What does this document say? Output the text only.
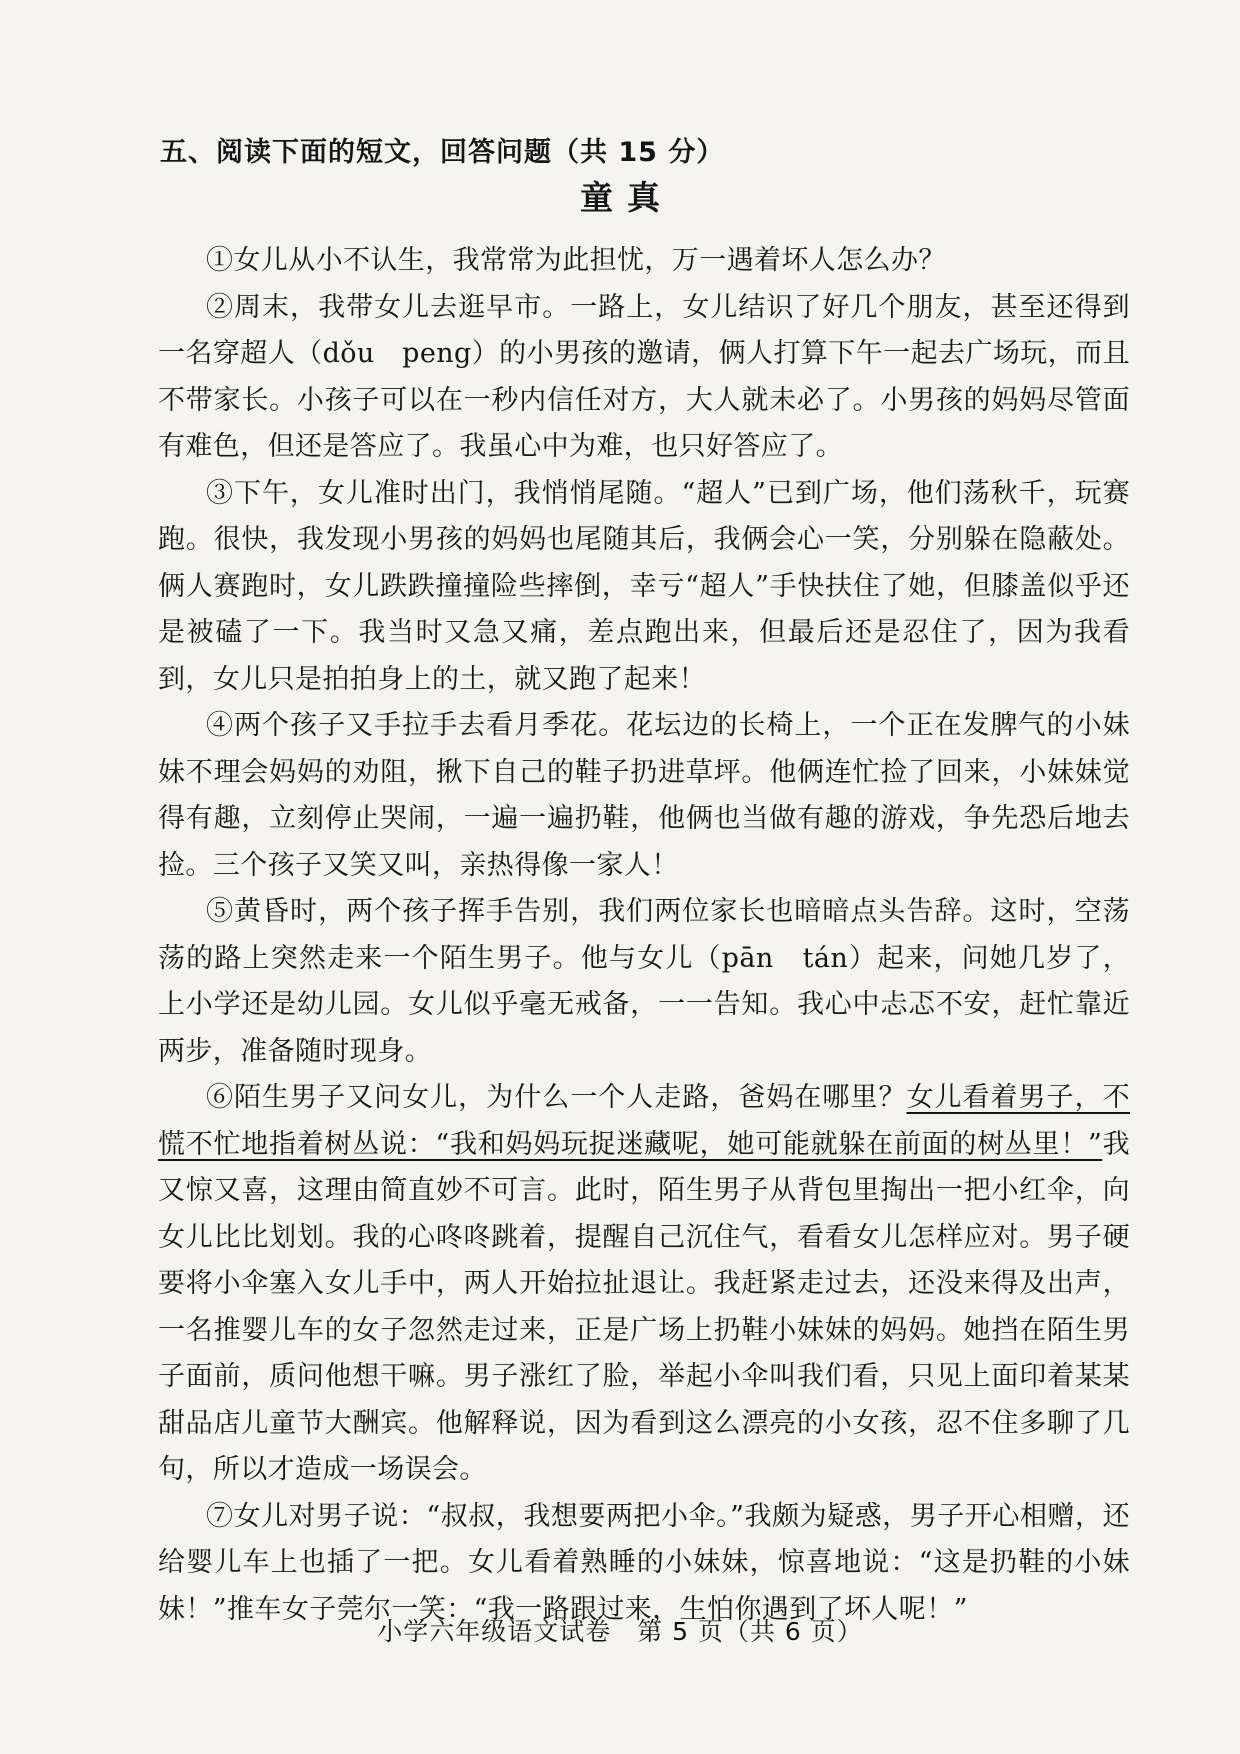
五、阅读下面的短文，回答问题（共 15 分）
童真

①女儿从小不认生，我常常为此担忧，万一遇着坏人怎么办？

②周末，我带女儿去逛早市。一路上，女儿结识了好几个朋友，甚至还得到一名穿超人（dǒu　peng）的小男孩的邀请，俩人打算下午一起去广场玩，而且不带家长。小孩子可以在一秒内信任对方，大人就未必了。小男孩的妈妈尽管面有难色，但还是答应了。我虽心中为难，也只好答应了。

③下午，女儿准时出门，我悄悄尾随。“超人”已到广场，他们荡秋千，玩赛跑。很快，我发现小男孩的妈妈也尾随其后，我俩会心一笑，分别躲在隐蔽处。俩人赛跑时，女儿跌跌撞撞险些摔倒，幸亏“超人”手快扶住了她，但膝盖似乎还是被磕了一下。我当时又急又痛，差点跑出来，但最后还是忍住了，因为我看到，女儿只是拍拍身上的土，就又跑了起来！

④两个孩子又手拉手去看月季花。花坛边的长椅上，一个正在发脾气的小妹妹不理会妈妈的劝阻，揪下自己的鞋子扔进草坪。他俩连忙捡了回来，小妹妹觉得有趣，立刻停止哭闹，一遍一遍扔鞋，他俩也当做有趣的游戏，争先恐后地去捡。三个孩子又笑又叫，亲热得像一家人！

⑤黄昏时，两个孩子挥手告别，我们两位家长也暗暗点头告辞。这时，空荡荡的路上突然走来一个陌生男子。他与女儿（pān　tán）起来，问她几岁了，上小学还是幼儿园。女儿似乎毫无戒备，一一告知。我心中忐忑不安，赶忙靠近两步，准备随时现身。

⑥陌生男子又问女儿，为什么一个人走路，爸妈在哪里？女儿看着男子，不慌不忙地指着树丛说：“我和妈妈玩捉迷藏呢，她可能就躲在前面的树丛里！”我又惊又喜，这理由简直妙不可言。此时，陌生男子从背包里掏出一把小红伞，向女儿比比划划。我的心咚咚跳着，提醒自己沉住气，看看女儿怎样应对。男子硬要将小伞塞入女儿手中，两人开始拉扯退让。我赶紧走过去，还没来得及出声，一名推婴儿车的女子忽然走过来，正是广场上扔鞋小妹妹的妈妈。她挡在陌生男子面前，质问他想干嘛。男子涨红了脸，举起小伞叫我们看，只见上面印着某某甜品店儿童节大酬宾。他解释说，因为看到这么漂亮的小女孩，忍不住多聊了几句，所以才造成一场误会。

⑦女儿对男子说：“叔叔，我想要两把小伞。”我颇为疑惑，男子开心相赠，还给婴儿车上也插了一把。女儿看着熟睡的小妹妹，惊喜地说：“这是扔鞋的小妹妹！”推车女子莞尔一笑：“我一路跟过来，生怕你遇到了坏人呢！”

小学六年级语文试卷　第 5 页（共 6 页）
